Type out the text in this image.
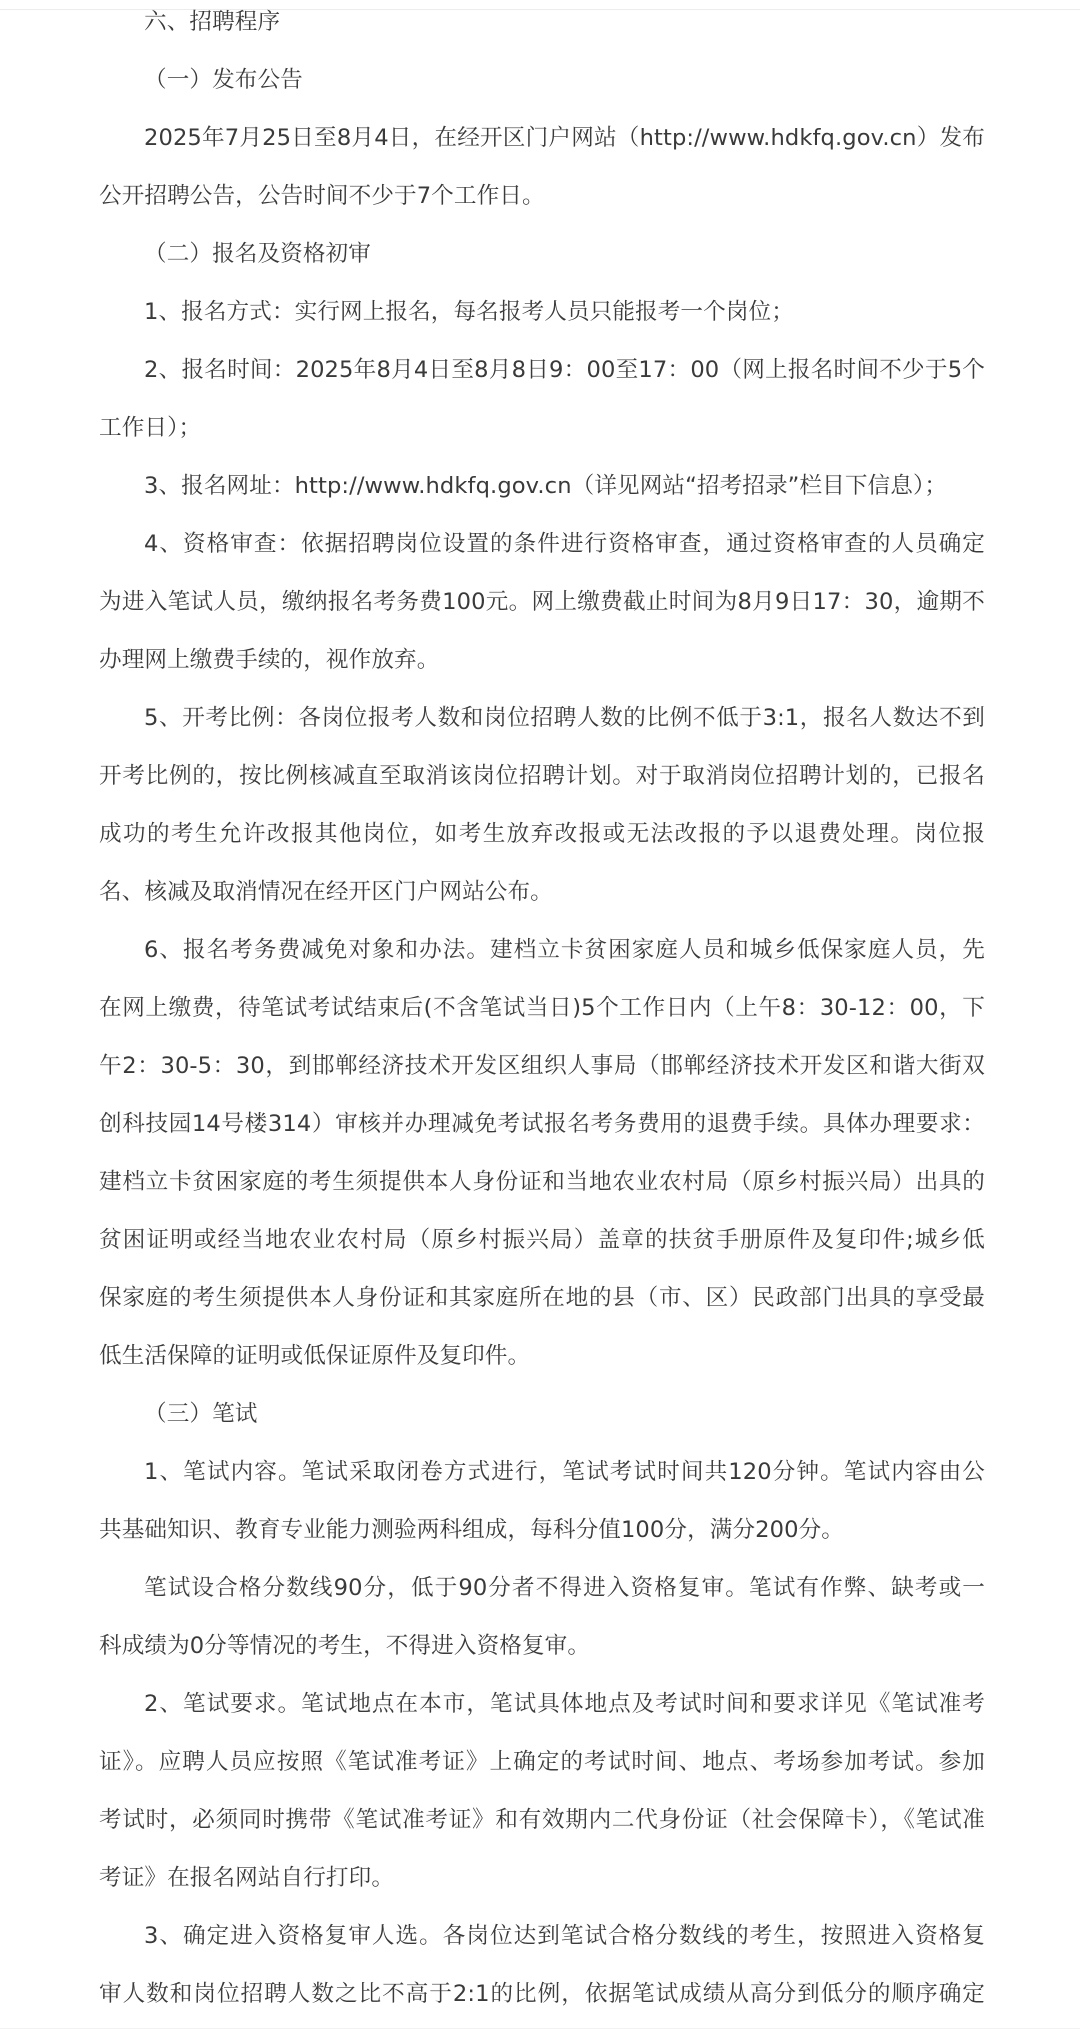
六、招聘程序
（一）发布公告
2025年7月25日至8月4日，在经开区门户网站（http://www.hdkfq.gov.cn）发布
公开招聘公告，公告时间不少于7个工作日。
（二）报名及资格初审
1、报名方式：实行网上报名，每名报考人员只能报考一个岗位；
2、报名时间：2025年8月4日至8月8日9：00至17：00（网上报名时间不少于5个
工作日）；
3、报名网址：http://www.hdkfq.gov.cn（详见网站“招考招录”栏目下信息）；
4、资格审查：依据招聘岗位设置的条件进行资格审查，通过资格审查的人员确定
为进入笔试人员，缴纳报名考务费100元。网上缴费截止时间为8月9日17：30，逾期不
办理网上缴费手续的，视作放弃。
5、开考比例：各岗位报考人数和岗位招聘人数的比例不低于3:1，报名人数达不到
开考比例的，按比例核减直至取消该岗位招聘计划。对于取消岗位招聘计划的，已报名
成功的考生允许改报其他岗位，如考生放弃改报或无法改报的予以退费处理。岗位报
名、核减及取消情况在经开区门户网站公布。
6、报名考务费减免对象和办法。建档立卡贫困家庭人员和城乡低保家庭人员，先
在网上缴费，待笔试考试结束后(不含笔试当日)5个工作日内（上午8：30-12：00，下
午2：30-5：30，到邯郸经济技术开发区组织人事局（邯郸经济技术开发区和谐大街双
创科技园14号楼314）审核并办理减免考试报名考务费用的退费手续。具体办理要求：
建档立卡贫困家庭的考生须提供本人身份证和当地农业农村局（原乡村振兴局）出具的
贫困证明或经当地农业农村局（原乡村振兴局）盖章的扶贫手册原件及复印件;城乡低
保家庭的考生须提供本人身份证和其家庭所在地的县（市、区）民政部门出具的享受最
低生活保障的证明或低保证原件及复印件。
（三）笔试
1、笔试内容。笔试采取闭卷方式进行，笔试考试时间共120分钟。笔试内容由公
共基础知识、教育专业能力测验两科组成，每科分值100分，满分200分。
笔试设合格分数线90分，低于90分者不得进入资格复审。笔试有作弊、缺考或一
科成绩为0分等情况的考生，不得进入资格复审。
2、笔试要求。笔试地点在本市，笔试具体地点及考试时间和要求详见《笔试准考
证》。应聘人员应按照《笔试准考证》上确定的考试时间、地点、考场参加考试。参加
考试时，必须同时携带《笔试准考证》和有效期内二代身份证（社会保障卡），《笔试准
考证》在报名网站自行打印。
3、确定进入资格复审人选。各岗位达到笔试合格分数线的考生，按照进入资格复
审人数和岗位招聘人数之比不高于2:1的比例，依据笔试成绩从高分到低分的顺序确定
